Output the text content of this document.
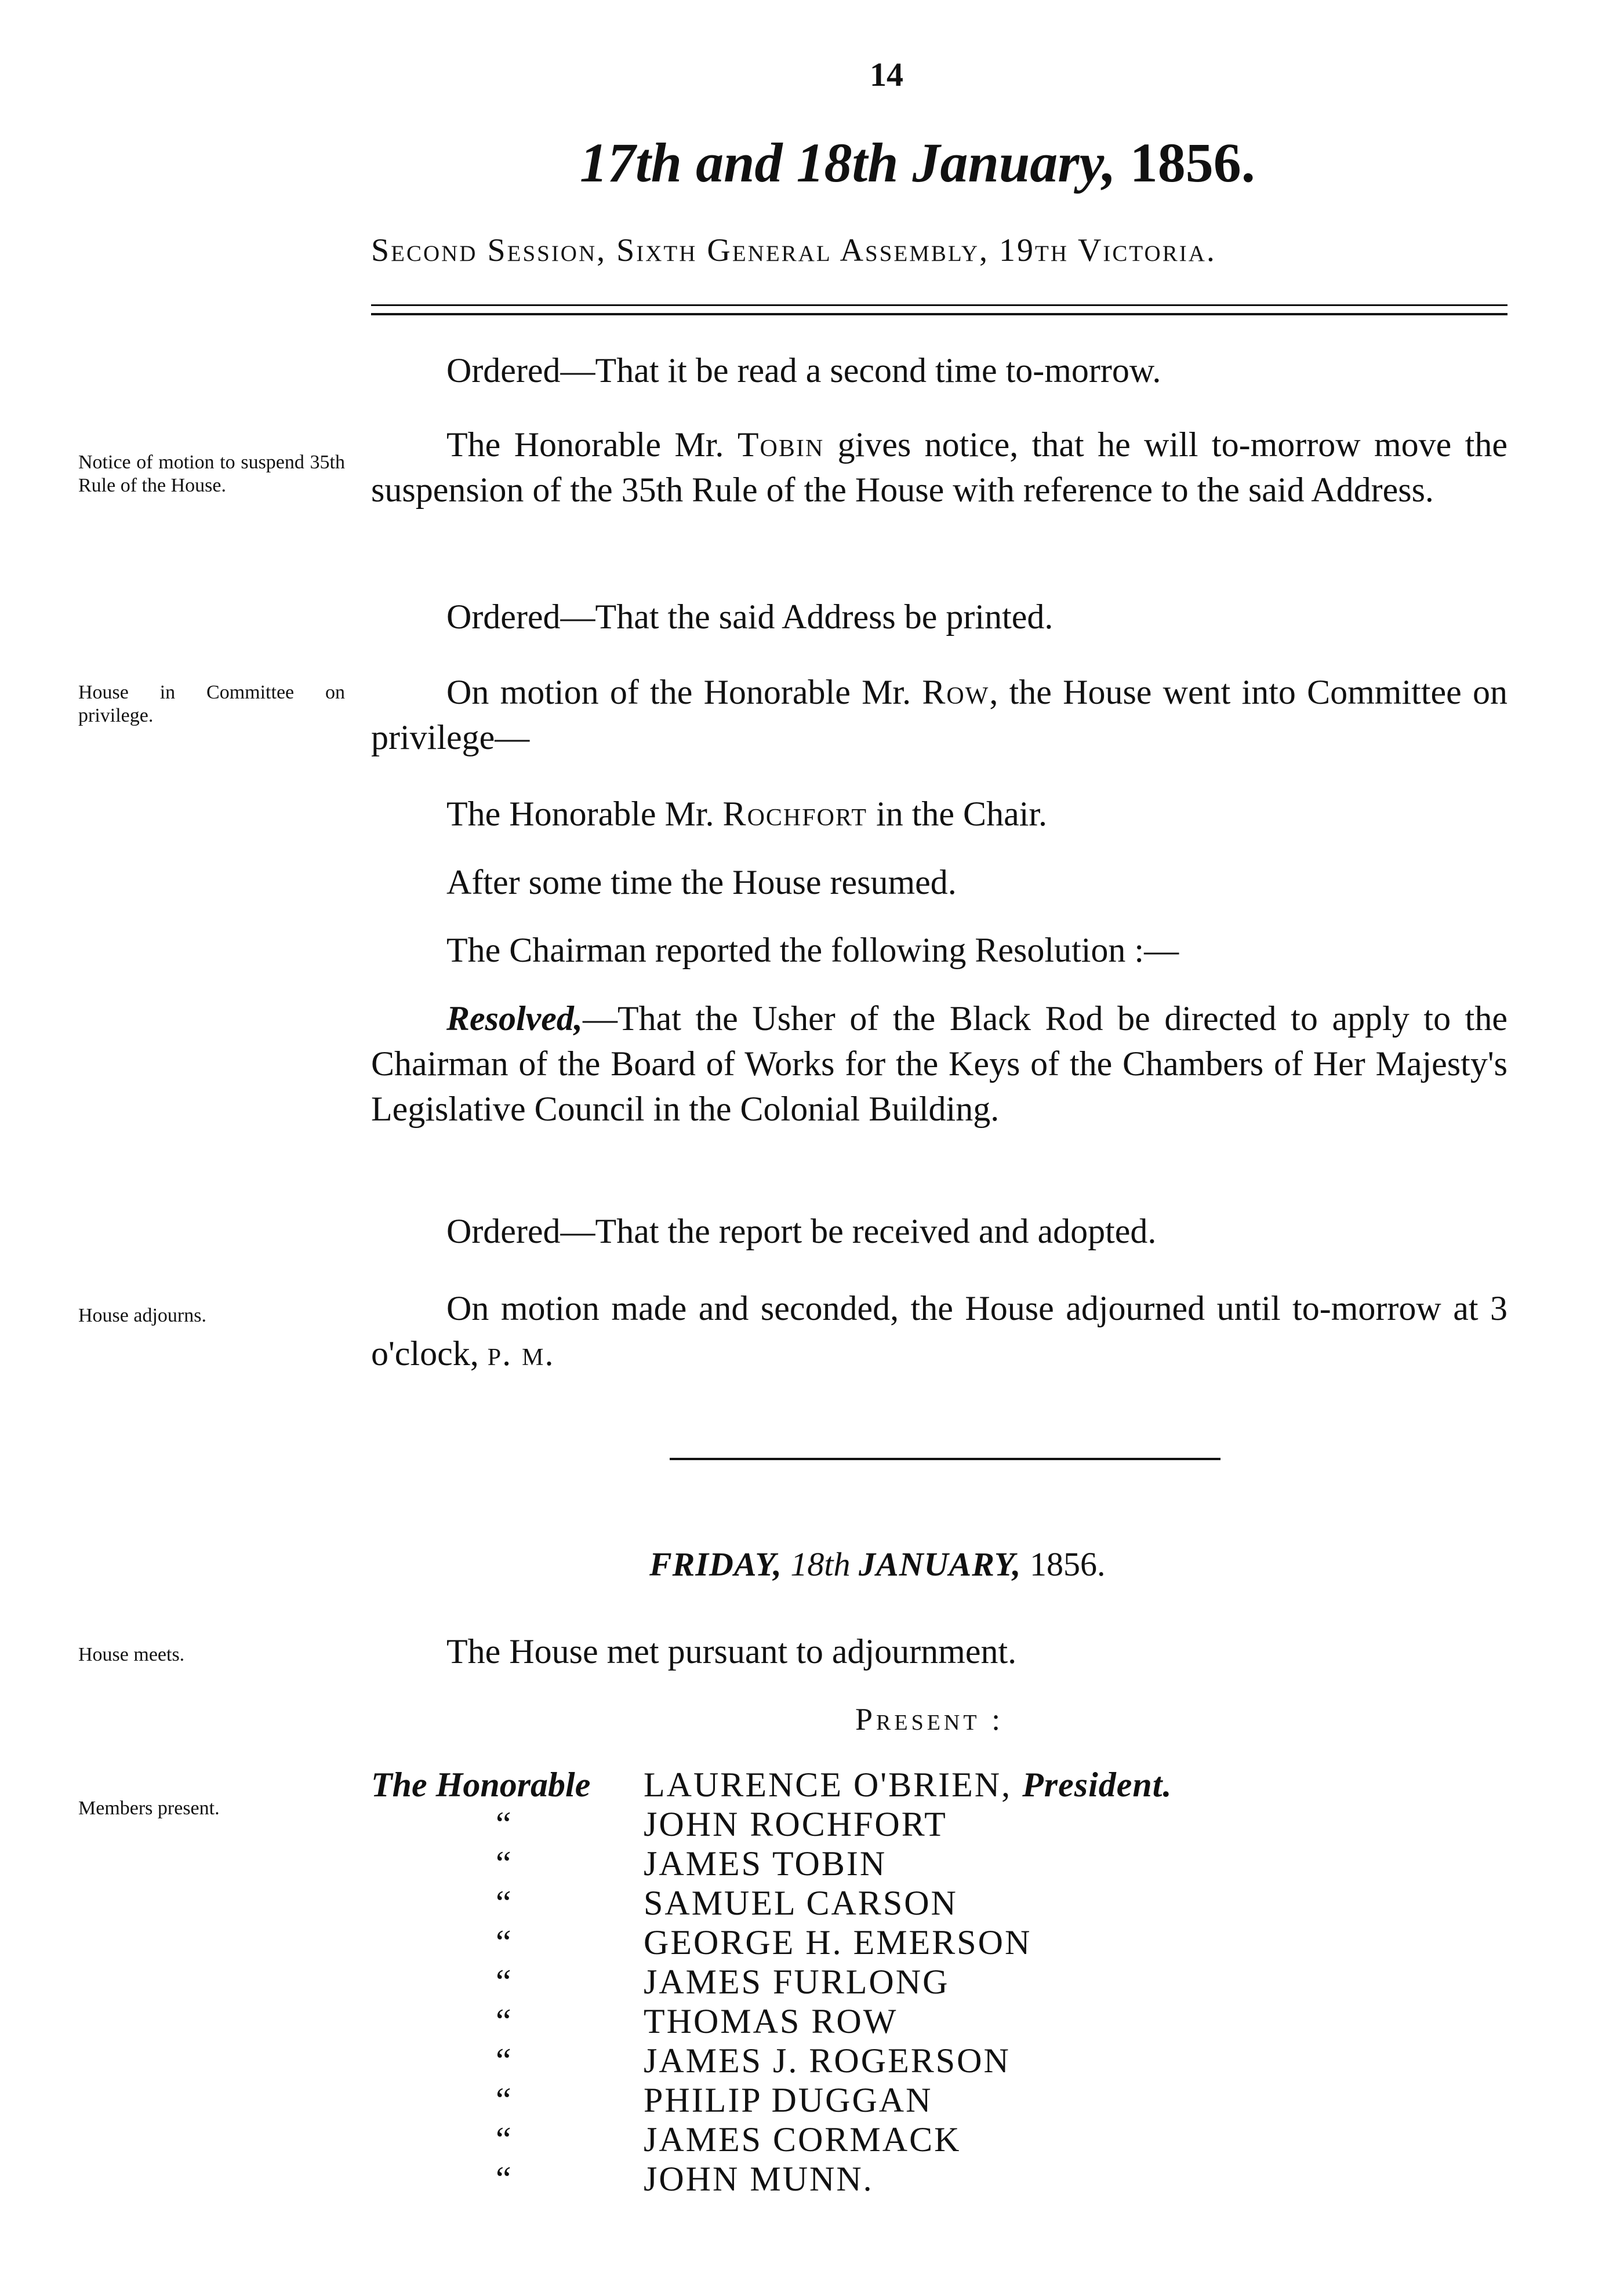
14
17th and 18th January, 1856.
Second Session, Sixth General Assembly, 19th Victoria.
Ordered—That it be read a second time to-morrow.
Notice of motion to suspend 35th Rule of the House.
The Honorable Mr. Tobin gives notice, that he will to-morrow move the suspension of the 35th Rule of the House with reference to the said Address.
Ordered—That the said Address be printed.
House in Committee on privilege.
On motion of the Honorable Mr. Row, the House went into Committee on privilege—
The Honorable Mr. Rochfort in the Chair.
After some time the House resumed.
The Chairman reported the following Resolution :—
Resolved,—That the Usher of the Black Rod be directed to apply to the Chairman of the Board of Works for the Keys of the Chambers of Her Majesty's Legislative Council in the Colonial Building.
Ordered—That the report be received and adopted.
House adjourns.	On motion made and seconded, the House adjourned until to-morrow at 3 o'clock, p. m.
FRIDAY, 18th JANUARY, 1856.
House meets.	The House met pursuant to adjournment.
Present :
Members present.
The Honorable LAURENCE O'BRIEN, President.
“	JOHN ROCHFORT
“	JAMES TOBIN
“	SAMUEL CARSON
“	GEORGE H. EMERSON
“	JAMES FURLONG
“	THOMAS ROW
“	JAMES J. ROGERSON
“	PHILIP DUGGAN
“	JAMES CORMACK
“	JOHN MUNN.
